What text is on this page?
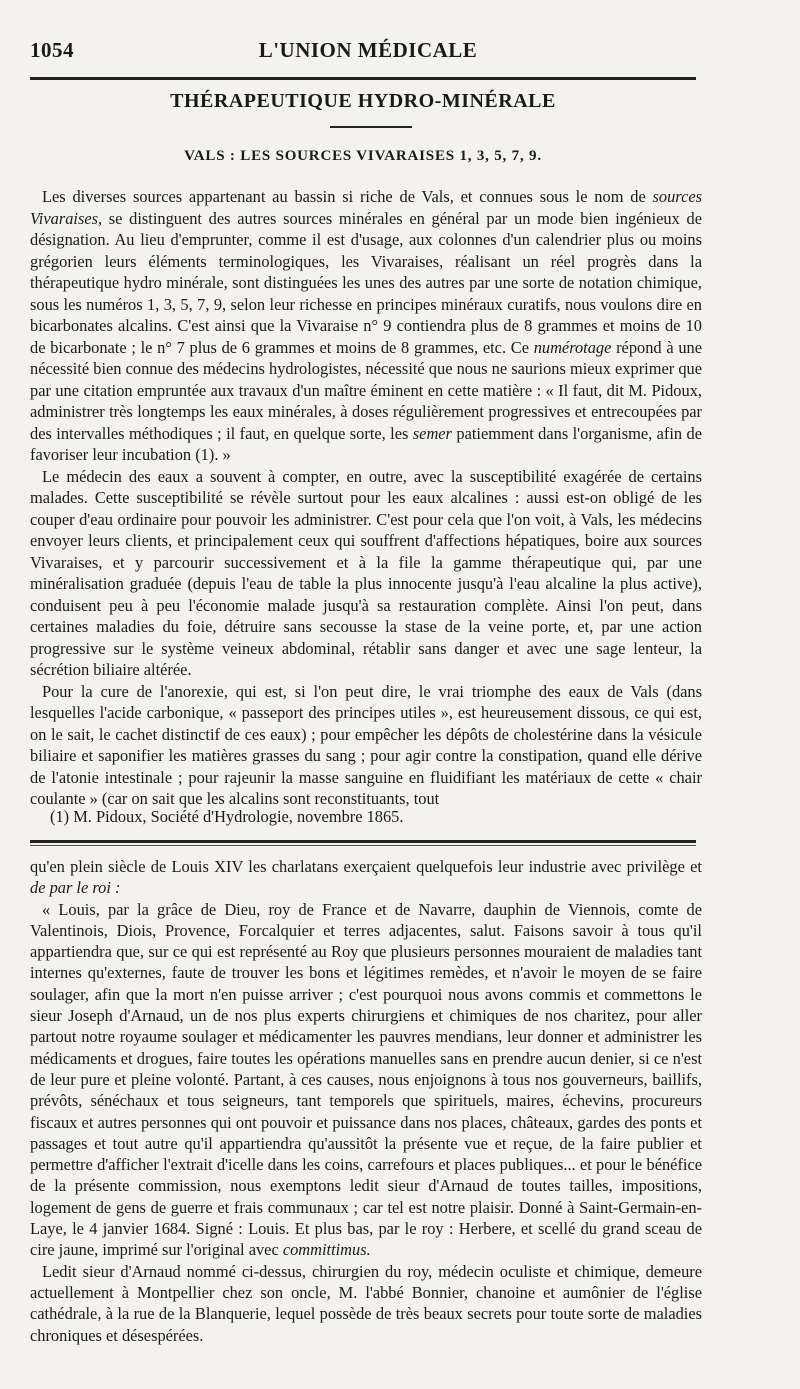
1054	L'UNION MÉDICALE
THÉRAPEUTIQUE HYDRO-MINÉRALE
VALS : LES SOURCES VIVARAISES 1, 3, 5, 7, 9.

Les diverses sources appartenant au bassin si riche de Vals, et connues sous le nom de sources Vivaraises, se distinguent des autres sources minérales en général par un mode bien ingénieux de désignation. Au lieu d'emprunter, comme il est d'usage, aux colonnes d'un calendrier plus ou moins grégorien leurs éléments terminologiques, les Vivaraises, réalisant un réel progrès dans la thérapeutique hydro minérale, sont distinguées les unes des autres par une sorte de notation chimique, sous les numéros 1, 3, 5, 7, 9, selon leur richesse en principes minéraux curatifs, nous voulons dire en bicarbonates alcalins. C'est ainsi que la Vivaraise n° 9 contiendra plus de 8 grammes et moins de 10 de bicarbonate ; le n° 7 plus de 6 grammes et moins de 8 grammes, etc. Ce numérotage répond à une nécessité bien connue des médecins hydrologistes, nécessité que nous ne saurions mieux exprimer que par une citation empruntée aux travaux d'un maître éminent en cette matière : « Il faut, dit M. Pidoux, administrer très longtemps les eaux minérales, à doses régulièrement progressives et entrecoupées par des intervalles méthodiques ; il faut, en quelque sorte, les semer patiemment dans l'organisme, afin de favoriser leur incubation (1). »

Le médecin des eaux a souvent à compter, en outre, avec la susceptibilité exagérée de certains malades. Cette susceptibilité se révèle surtout pour les eaux alcalines : aussi est-on obligé de les couper d'eau ordinaire pour pouvoir les administrer. C'est pour cela que l'on voit, à Vals, les médecins envoyer leurs clients, et principalement ceux qui souffrent d'affections hépatiques, boire aux sources Vivaraises, et y parcourir successivement et à la file la gamme thérapeutique qui, par une minéralisation graduée (depuis l'eau de table la plus innocente jusqu'à l'eau alcaline la plus active), conduisent peu à peu l'économie malade jusqu'à sa restauration complète. Ainsi l'on peut, dans certaines maladies du foie, détruire sans secousse la stase de la veine porte, et, par une action progressive sur le système veineux abdominal, rétablir sans danger et avec une sage lenteur, la sécrétion biliaire altérée.

Pour la cure de l'anorexie, qui est, si l'on peut dire, le vrai triomphe des eaux de Vals (dans lesquelles l'acide carbonique, « passeport des principes utiles », est heureusement dissous, ce qui est, on le sait, le cachet distinctif de ces eaux) ; pour empêcher les dépôts de cholestérine dans la vésicule biliaire et saponifier les matières grasses du sang ; pour agir contre la constipation, quand elle dérive de l'atonie intestinale ; pour rajeunir la masse sanguine en fluidifiant les matériaux de cette « chair coulante » (car on sait que les alcalins sont reconstituants, tout

(1) M. Pidoux, Société d'Hydrologie, novembre 1865.

qu'en plein siècle de Louis XIV les charlatans exerçaient quelquefois leur industrie avec privilège et de par le roi :

« Louis, par la grâce de Dieu, roy de France et de Navarre, dauphin de Viennois, comte de Valentinois, Diois, Provence, Forcalquier et terres adjacentes, salut. Faisons savoir à tous qu'il appartiendra que, sur ce qui est représenté au Roy que plusieurs personnes mouraient de maladies tant internes qu'externes, faute de trouver les bons et légitimes remèdes, et n'avoir le moyen de se faire soulager, afin que la mort n'en puisse arriver ; c'est pourquoi nous avons commis et commettons le sieur Joseph d'Arnaud, un de nos plus experts chirurgiens et chimiques de nos charitez, pour aller partout notre royaume soulager et médicamenter les pauvres mendians, leur donner et administrer les médicaments et drogues, faire toutes les opérations manuelles sans en prendre aucun denier, si ce n'est de leur pure et pleine volonté. Partant, à ces causes, nous enjoignons à tous nos gouverneurs, baillifs, prévôts, sénéchaux et tous seigneurs, tant temporels que spirituels, maires, échevins, procureurs fiscaux et autres personnes qui ont pouvoir et puissance dans nos places, châteaux, gardes des ponts et passages et tout autre qu'il appartiendra qu'aussitôt la présente vue et reçue, de la faire publier et permettre d'afficher l'extrait d'icelle dans les coins, carrefours et places publiques... et pour le bénéfice de la présente commission, nous exemptons ledit sieur d'Arnaud de toutes tailles, impositions, logement de gens de guerre et frais communaux ; car tel est notre plaisir. Donné à Saint-Germain-en-Laye, le 4 janvier 1684. Signé : Louis. Et plus bas, par le roy : Herbere, et scellé du grand sceau de cire jaune, imprimé sur l'original avec committimus.

Ledit sieur d'Arnaud nommé ci-dessus, chirurgien du roy, médecin oculiste et chimique, demeure actuellement à Montpellier chez son oncle, M. l'abbé Bonnier, chanoine et aumônier de l'église cathédrale, à la rue de la Blanquerie, lequel possède de très beaux secrets pour toute sorte de maladies chroniques et désespérées.
